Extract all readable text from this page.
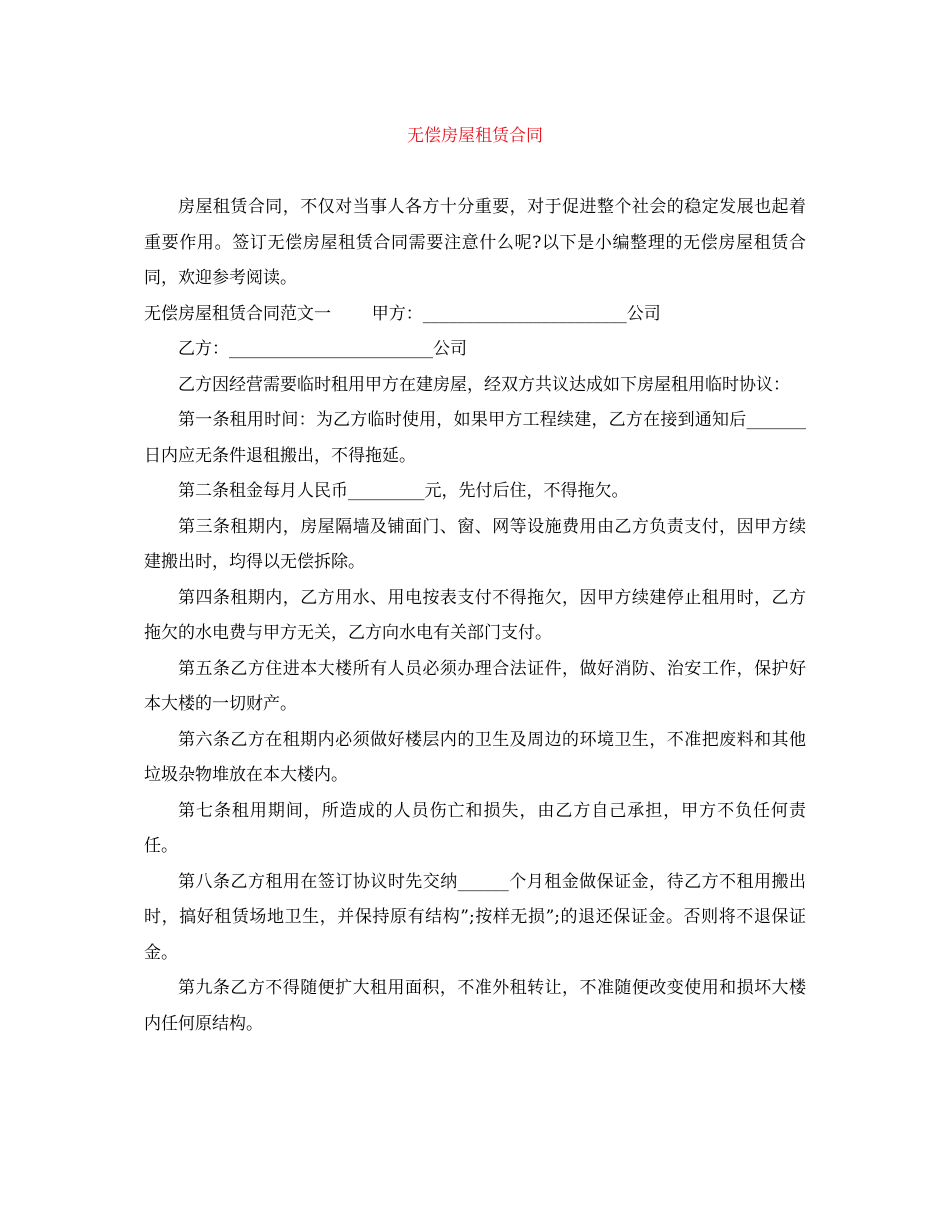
无偿房屋租赁合同

房屋租赁合同，不仅对当事人各方十分重要，对于促进整个社会的稳定发展也起着重要作用。签订无偿房屋租赁合同需要注意什么呢?以下是小编整理的无偿房屋租赁合同，欢迎参考阅读。

无偿房屋租赁合同范文一 甲方：________________________公司

乙方：________________________公司

乙方因经营需要临时租用甲方在建房屋，经双方共议达成如下房屋租用临时协议：

第一条租用时间：为乙方临时使用，如果甲方工程续建，乙方在接到通知后_______日内应无条件退租搬出，不得拖延。

第二条租金每月人民币_________元，先付后住，不得拖欠。

第三条租期内，房屋隔墙及铺面门、窗、网等设施费用由乙方负责支付，因甲方续建搬出时，均得以无偿拆除。

第四条租期内，乙方用水、用电按表支付不得拖欠，因甲方续建停止租用时，乙方拖欠的水电费与甲方无关，乙方向水电有关部门支付。

第五条乙方住进本大楼所有人员必须办理合法证件，做好消防、治安工作，保护好本大楼的一切财产。

第六条乙方在租期内必须做好楼层内的卫生及周边的环境卫生，不准把废料和其他垃圾杂物堆放在本大楼内。

第七条租用期间，所造成的人员伤亡和损失，由乙方自己承担，甲方不负任何责任。

第八条乙方租用在签订协议时先交纳______个月租金做保证金，待乙方不租用搬出时，搞好租赁场地卫生，并保持原有结构”;按样无损”;的退还保证金。否则将不退保证金。

第九条乙方不得随便扩大租用面积，不准外租转让，不准随便改变使用和损坏大楼内任何原结构。
